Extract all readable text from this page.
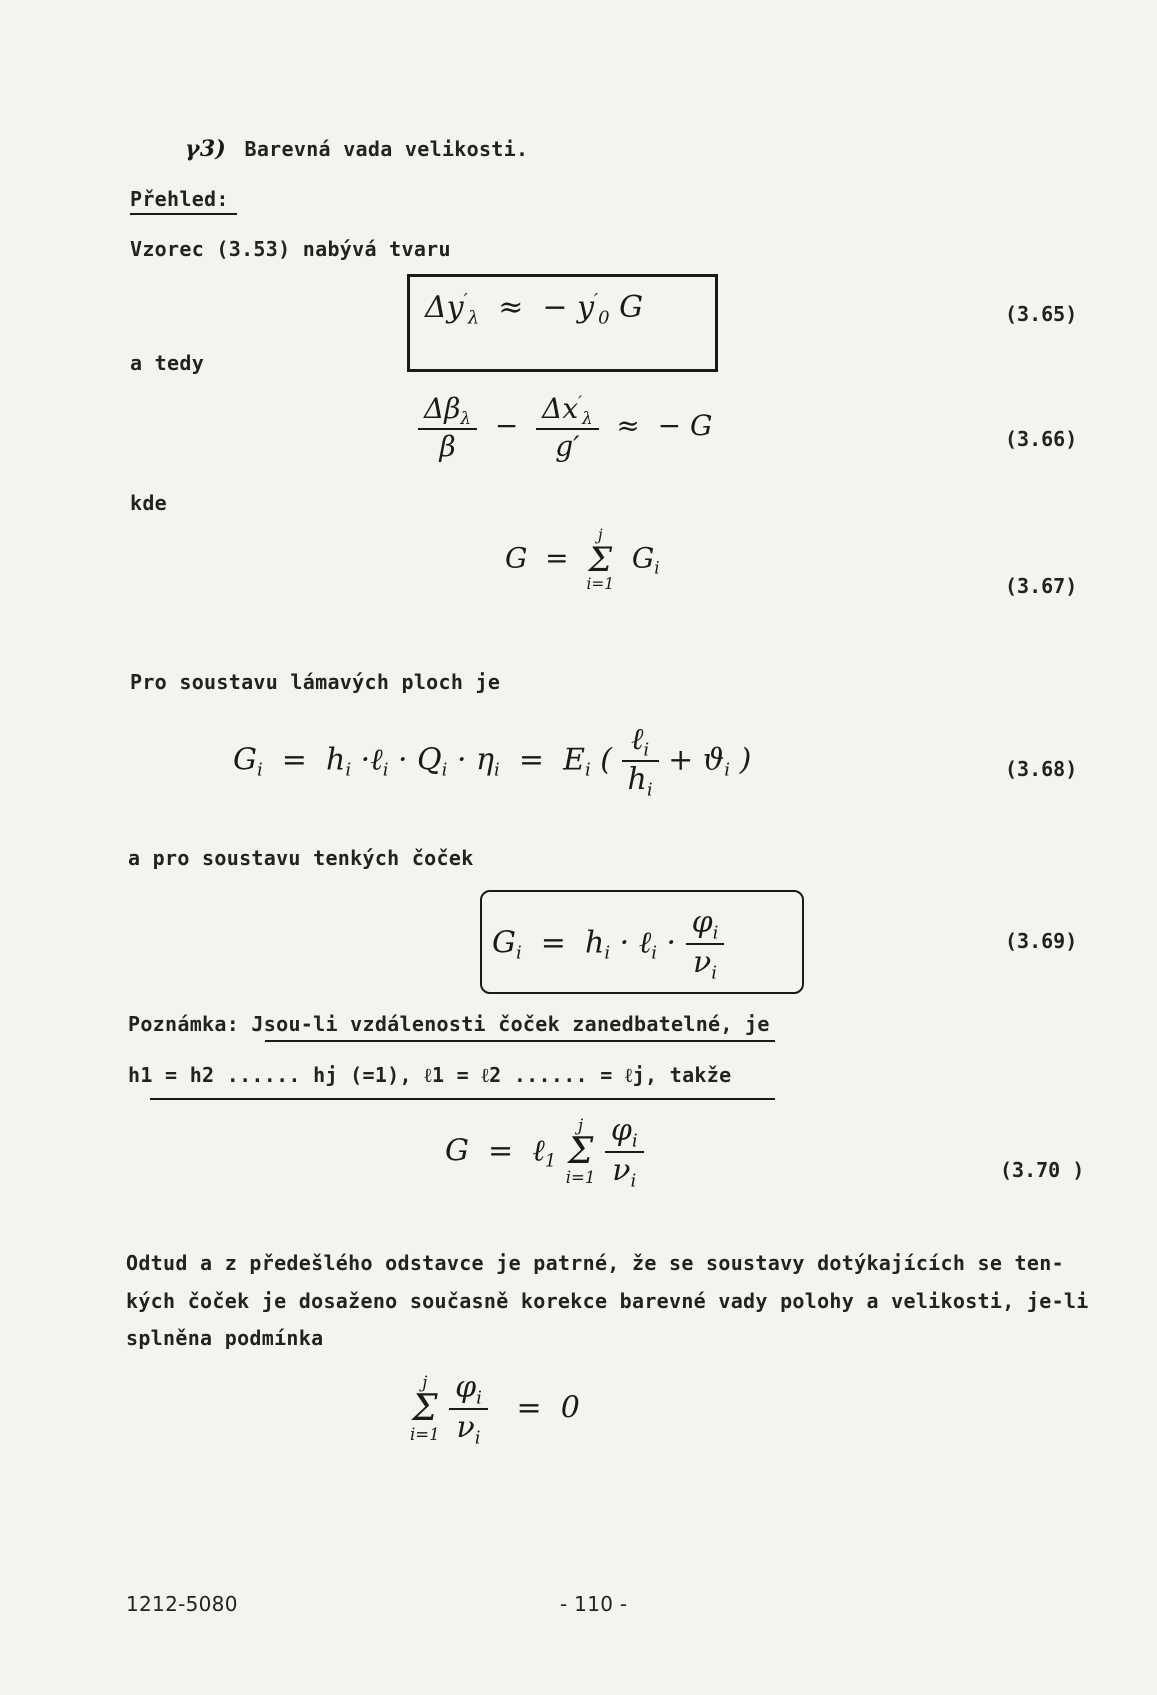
γ3) Barevná vada velikosti.
Přehled:
Vzorec (3.53) nabývá tvaru
$\Delta y'_\lambda$  ≈  − $y'_0$ G	(3.65)
a tedy
$\frac{\Delta\beta_\lambda}{\beta} - \frac{\Delta x'_\lambda}{g'}$ ≈  − G	(3.66)
kde
G  =
j
Σ
i=1
$G_i$
(3.67)
Pro soustavu lámavých ploch je
$G_i = h_i$ ·ℓ$_i$ · $Q_i \cdot \eta_i = E_i$ ( $\frac{\ell_i}{h_i} + ϑ_i$ )	(3.68)
a pro soustavu tenkých čoček
$G_i = h_i$ · ℓ$_i$ · $\frac{\varphi_i}{\nu_i}$	(3.69)
Poznámka: Jsou-li vzdálenosti čoček zanedbatelné, je
h1 = h2 ...... hj (=1), ℓ1 = ℓ2 ...... = ℓj, takže
G  =  ℓ$_1$
j
Σ
i=1
$\frac{\varphi_i}{\nu_i}$	(3.70 )
Odtud a z předešlého odstavce je patrné, že se soustavy dotýkajících se ten-
kých čoček je dosaženo současně korekce barevné vady polohy a velikosti, je-li
splněna podmínka
j
Σ
i=1
$\frac{\varphi_i}{\nu_i} = 0$
1212-5080	- 110 -
